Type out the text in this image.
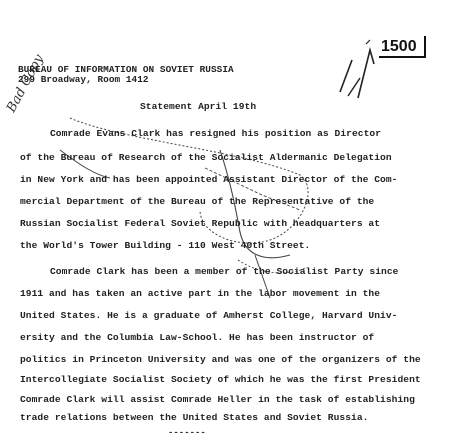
1500
Bad Copy
BUREAU OF INFORMATION ON SOVIET RUSSIA
299 Broadway, Room 1412
Statement April 19th
Comrade Evans Clark has resigned his position as Director
of the Bureau of Research of the Socialist Aldermanic Delegation
in New York and has been appointed Assistant Director of the Com-
mercial Department of the Bureau of the Representative of the
Russian Socialist Federal Soviet Republic with headquarters at
the World's Tower Building - 110 West 40th Street.
Comrade Clark has been a member of the Socialist Party since
1911 and has taken an active part in the labor movement in the
United States. He is a graduate of Amherst College, Harvard Univ-
ersity and the Columbia Law-School. He has been instructor of
politics in Princeton University and was one of the organizers of the
Intercollegiate Socialist Society of which he was the first President
Comrade Clark will assist Comrade Heller in the task of establishing
trade relations between the United States and Soviet Russia.
-------
